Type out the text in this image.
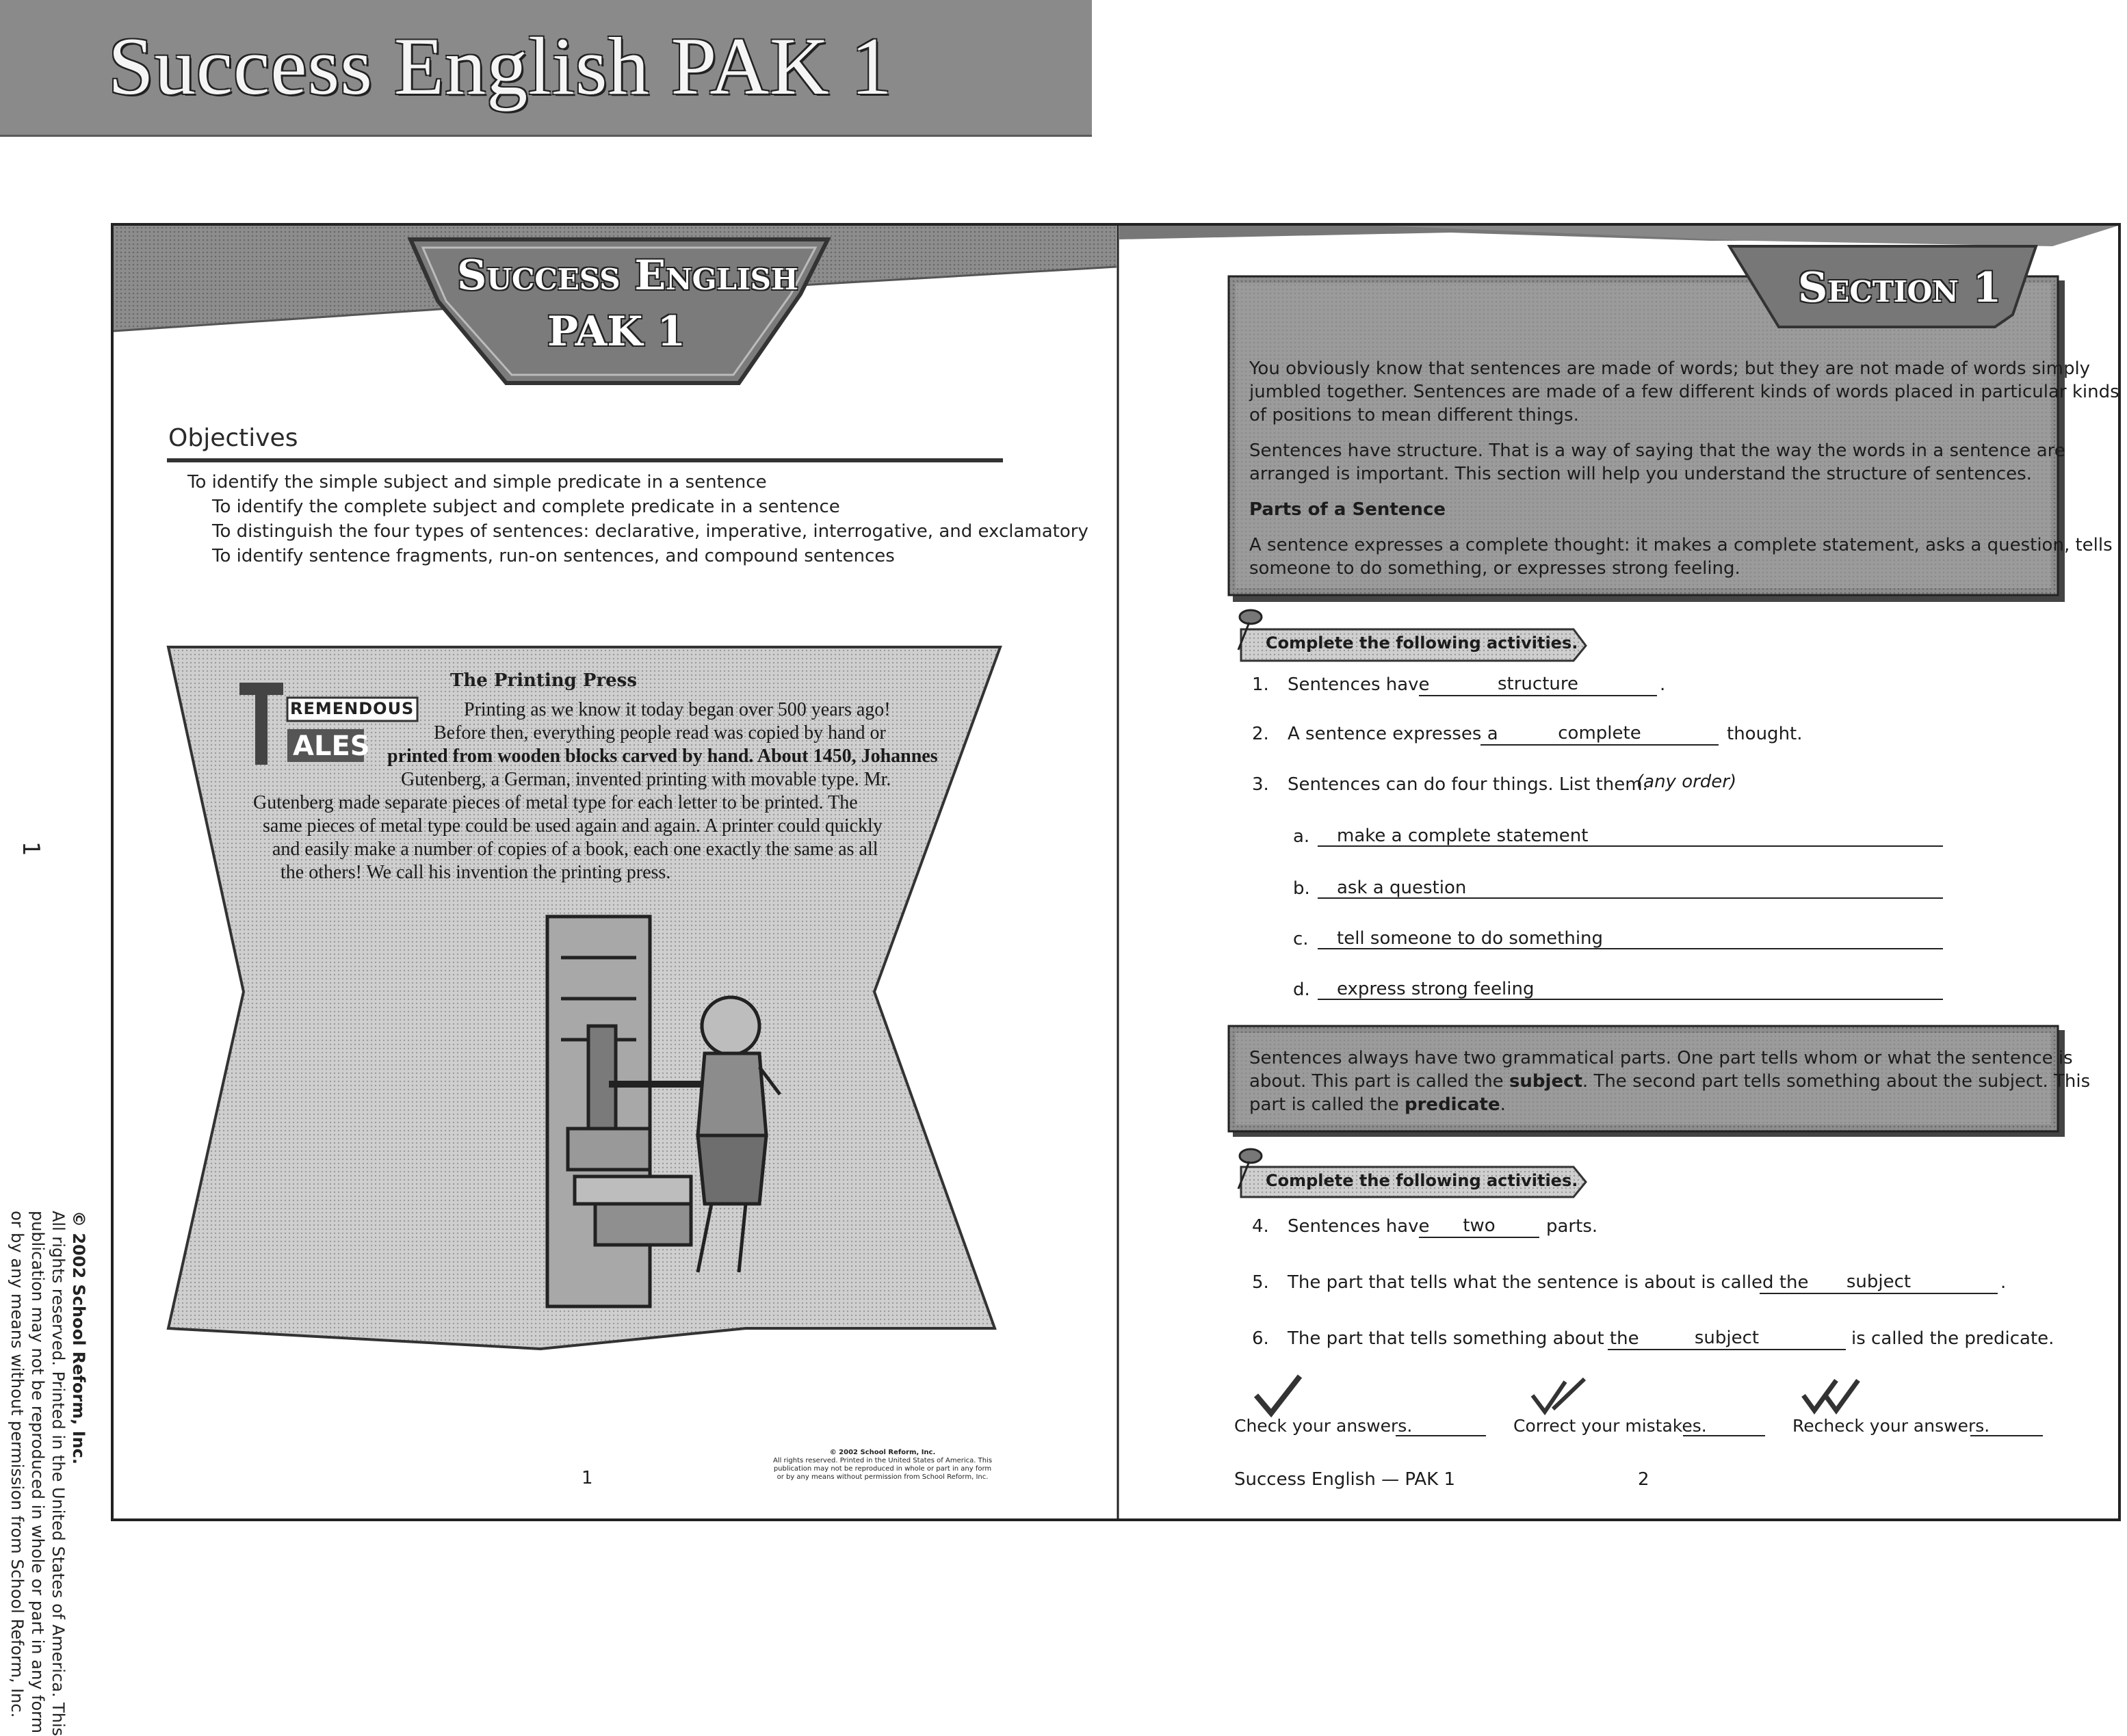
Success English PAK 1
Success English
PAK 1
Objectives
To identify the simple subject and simple predicate in a sentence
To identify the complete subject and complete predicate in a sentence
To distinguish the four types of sentences: declarative, imperative, interrogative, and exclamatory
To identify sentence fragments, run-on sentences, and compound sentences
REMENDOUS
ALES
The Printing Press
Printing as we know it today began over 500 years ago!
Before then, everything people read was copied by hand or
printed from wooden blocks carved by hand. About 1450, Johannes
Gutenberg, a German, invented printing with movable type. Mr.
Gutenberg made separate pieces of metal type for each letter to be printed. The
same pieces of metal type could be used again and again. A printer could quickly
and easily make a number of copies of a book, each one exactly the same as all
the others! We call his invention the printing press.
1
© 2002 School Reform, Inc.
All rights reserved. Printed in the United States of America. This
publication may not be reproduced in whole or part in any form
or by any means without permission from School Reform, Inc.
1
© 2002 School Reform, Inc.
All rights reserved. Printed in the United States of America. This
publication may not be reproduced in whole or part in any form
or by any means without permission from School Reform, Inc.
Section 1
You obviously know that sentences are made of words; but they are not made of words simply
jumbled together. Sentences are made of a few different kinds of words placed in particular kinds
of positions to mean different things.
Sentences have structure. That is a way of saying that the way the words in a sentence are
arranged is important. This section will help you understand the structure of sentences.
Parts of a Sentence
A sentence expresses a complete thought: it makes a complete statement, asks a question, tells
someone to do something, or expresses strong feeling.
Complete the following activities.
1. Sentences have	structure	.
2. A sentence expresses a	complete	thought.
3. Sentences can do four things. List them.
(any order)
a.	make a complete statement
b.	ask a question
c.	tell someone to do something
d.	express strong feeling
Sentences always have two grammatical parts. One part tells whom or what the sentence is
about. This part is called the subject. The second part tells something about the subject. This
part is called the predicate.
Complete the following activities.
4. Sentences have	two	parts.
5. The part that tells what the sentence is about is called the	subject	.
6. The part that tells something about the	subject	is called the predicate.
Check your answers.	Correct your mistakes.	Recheck your answers.
Success English — PAK 1	2
